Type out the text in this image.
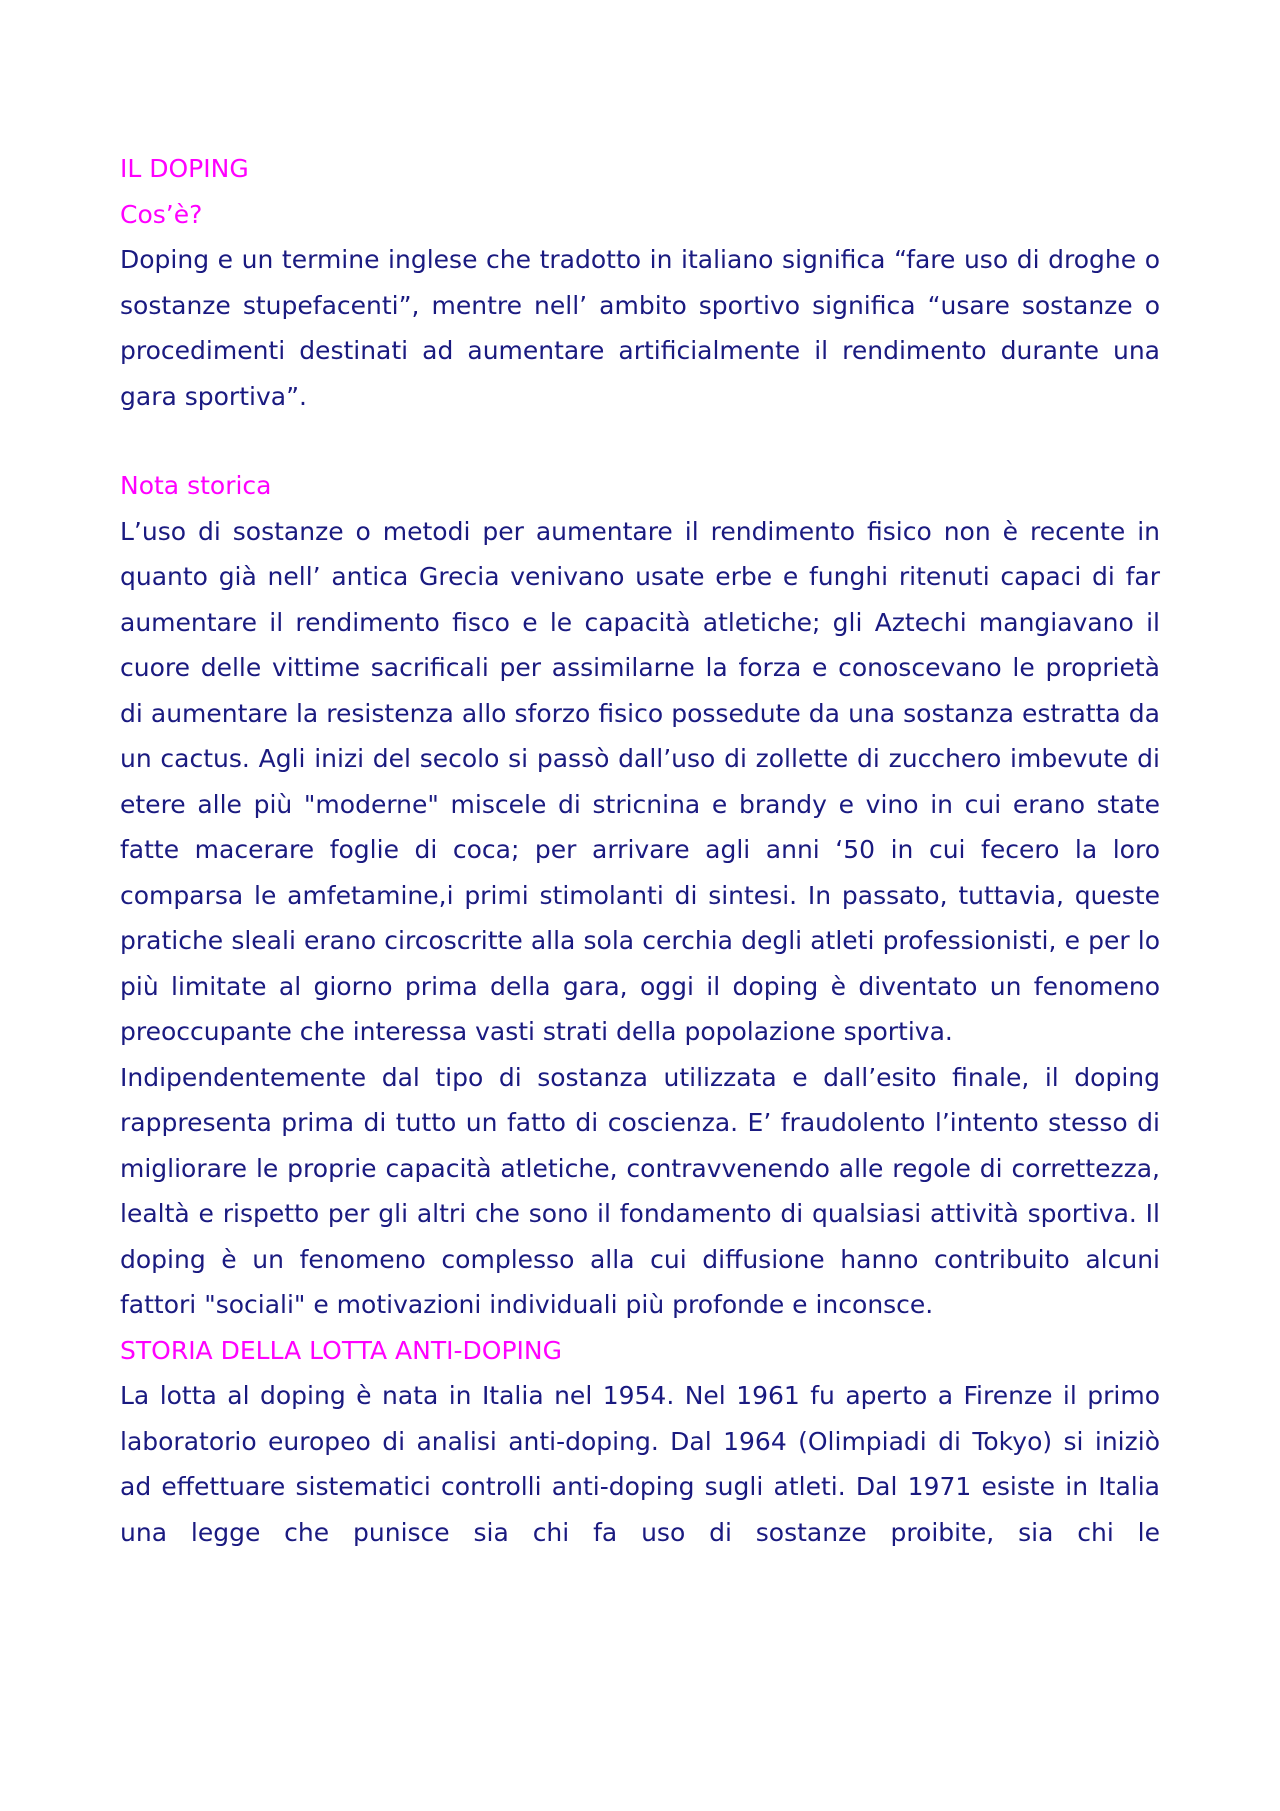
IL DOPING
Cos’è?

Doping e un termine inglese che tradotto in italiano significa “fare uso di droghe o sostanze stupefacenti”, mentre nell’ ambito sportivo significa “usare sostanze o procedimenti destinati ad aumentare artificialmente il rendimento durante una gara sportiva”.

Nota storica

L’uso di sostanze o metodi per aumentare il rendimento fisico non è recente in quanto già nell’ antica Grecia venivano usate erbe e funghi ritenuti capaci di far aumentare il rendimento fisco e le capacità atletiche; gli Aztechi mangiavano il cuore delle vittime sacrificali per assimilarne la forza e conoscevano le proprietà di aumentare la resistenza allo sforzo fisico possedute da una sostanza estratta da un cactus. Agli inizi del secolo si passò dall’uso di zollette di zucchero imbevute di etere alle più "moderne" miscele di stricnina e brandy e vino in cui erano state fatte macerare foglie di coca; per arrivare agli anni ‘50 in cui fecero la loro comparsa le amfetamine,i primi stimolanti di sintesi. In passato, tuttavia, queste pratiche sleali erano circoscritte alla sola cerchia degli atleti professionisti, e per lo più limitate al giorno prima della gara, oggi il doping è diventato un fenomeno preoccupante che interessa vasti strati della popolazione sportiva.

Indipendentemente dal tipo di sostanza utilizzata e dall’esito finale, il doping rappresenta prima di tutto un fatto di coscienza. E’ fraudolento l’intento stesso di migliorare le proprie capacità atletiche, contravvenendo alle regole di correttezza, lealtà e rispetto per gli altri che sono il fondamento di qualsiasi attività sportiva. Il doping è un fenomeno complesso alla cui diffusione hanno contribuito alcuni fattori "sociali" e motivazioni individuali più profonde e inconsce.

STORIA DELLA LOTTA ANTI-DOPING

La lotta al doping è nata in Italia nel 1954. Nel 1961 fu aperto a Firenze il primo laboratorio europeo di analisi anti-doping. Dal 1964 (Olimpiadi di Tokyo) si iniziò ad effettuare sistematici controlli anti-doping sugli atleti. Dal 1971 esiste in Italia una legge che punisce sia chi fa uso di sostanze proibite, sia chi le
